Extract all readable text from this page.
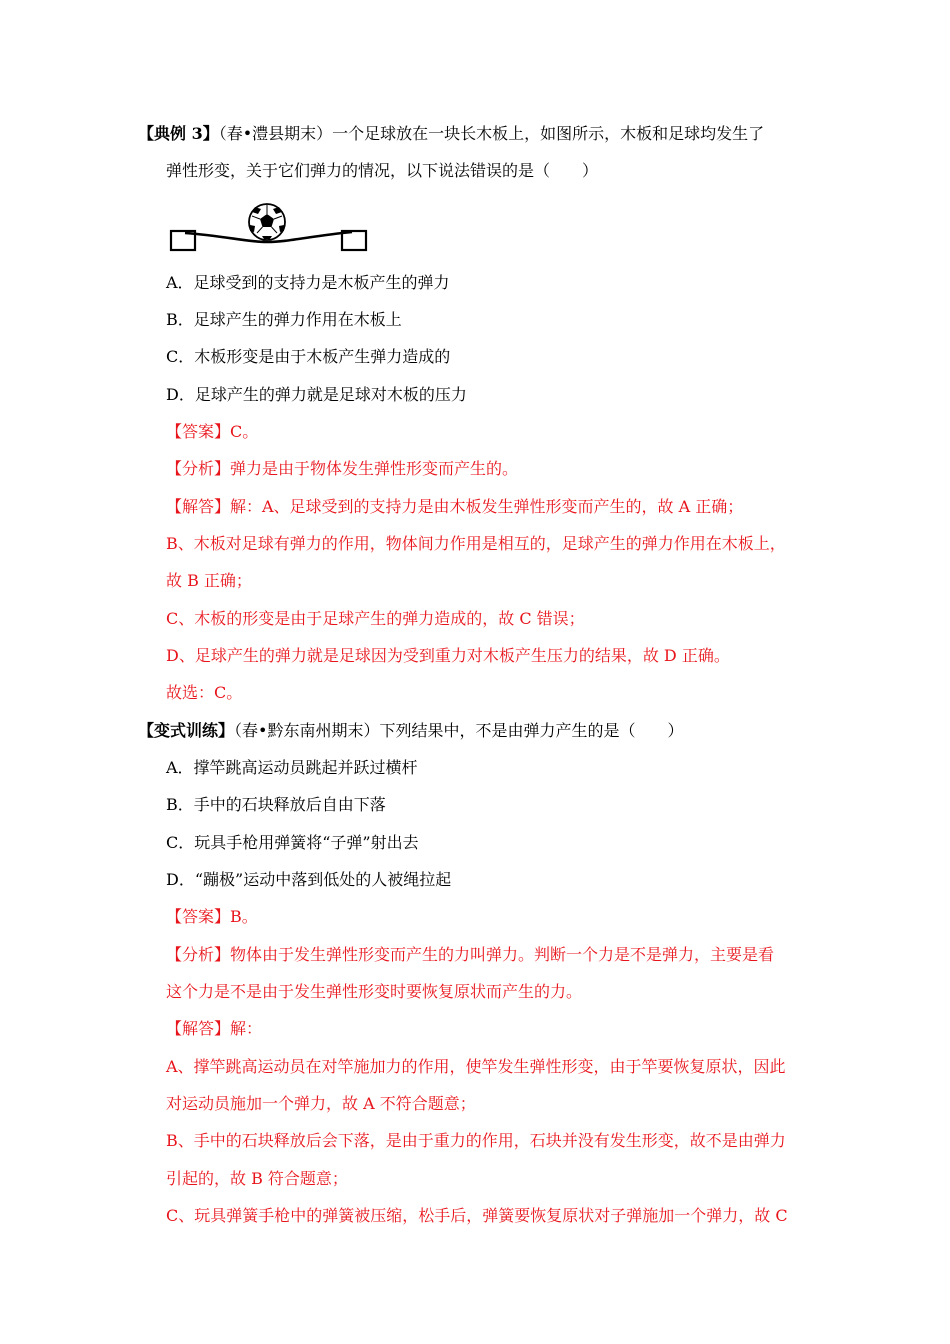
【典例 3】（春•澧县期末）一个足球放在一块长木板上，如图所示，木板和足球均发生了
弹性形变，关于它们弹力的情况，以下说法错误的是（　　）
A．足球受到的支持力是木板产生的弹力
B．足球产生的弹力作用在木板上
C．木板形变是由于木板产生弹力造成的
D．足球产生的弹力就是足球对木板的压力
【答案】C。
【分析】弹力是由于物体发生弹性形变而产生的。
【解答】解：A、足球受到的支持力是由木板发生弹性形变而产生的，故 A 正确；
B、木板对足球有弹力的作用，物体间力作用是相互的，足球产生的弹力作用在木板上，
故 B 正确；
C、木板的形变是由于足球产生的弹力造成的，故 C 错误；
D、足球产生的弹力就是足球因为受到重力对木板产生压力的结果，故 D 正确。
故选：C。
【变式训练】（春•黔东南州期末）下列结果中，不是由弹力产生的是（　　）
A．撑竿跳高运动员跳起并跃过横杆
B．手中的石块释放后自由下落
C．玩具手枪用弹簧将“子弹”射出去
D．“蹦极”运动中落到低处的人被绳拉起
【答案】B。
【分析】物体由于发生弹性形变而产生的力叫弹力。判断一个力是不是弹力，主要是看
这个力是不是由于发生弹性形变时要恢复原状而产生的力。
【解答】解：
A、撑竿跳高运动员在对竿施加力的作用，使竿发生弹性形变，由于竿要恢复原状，因此
对运动员施加一个弹力，故 A 不符合题意；
B、手中的石块释放后会下落，是由于重力的作用，石块并没有发生形变，故不是由弹力
引起的，故 B 符合题意；
C、玩具弹簧手枪中的弹簧被压缩，松手后，弹簧要恢复原状对子弹施加一个弹力，故 C
